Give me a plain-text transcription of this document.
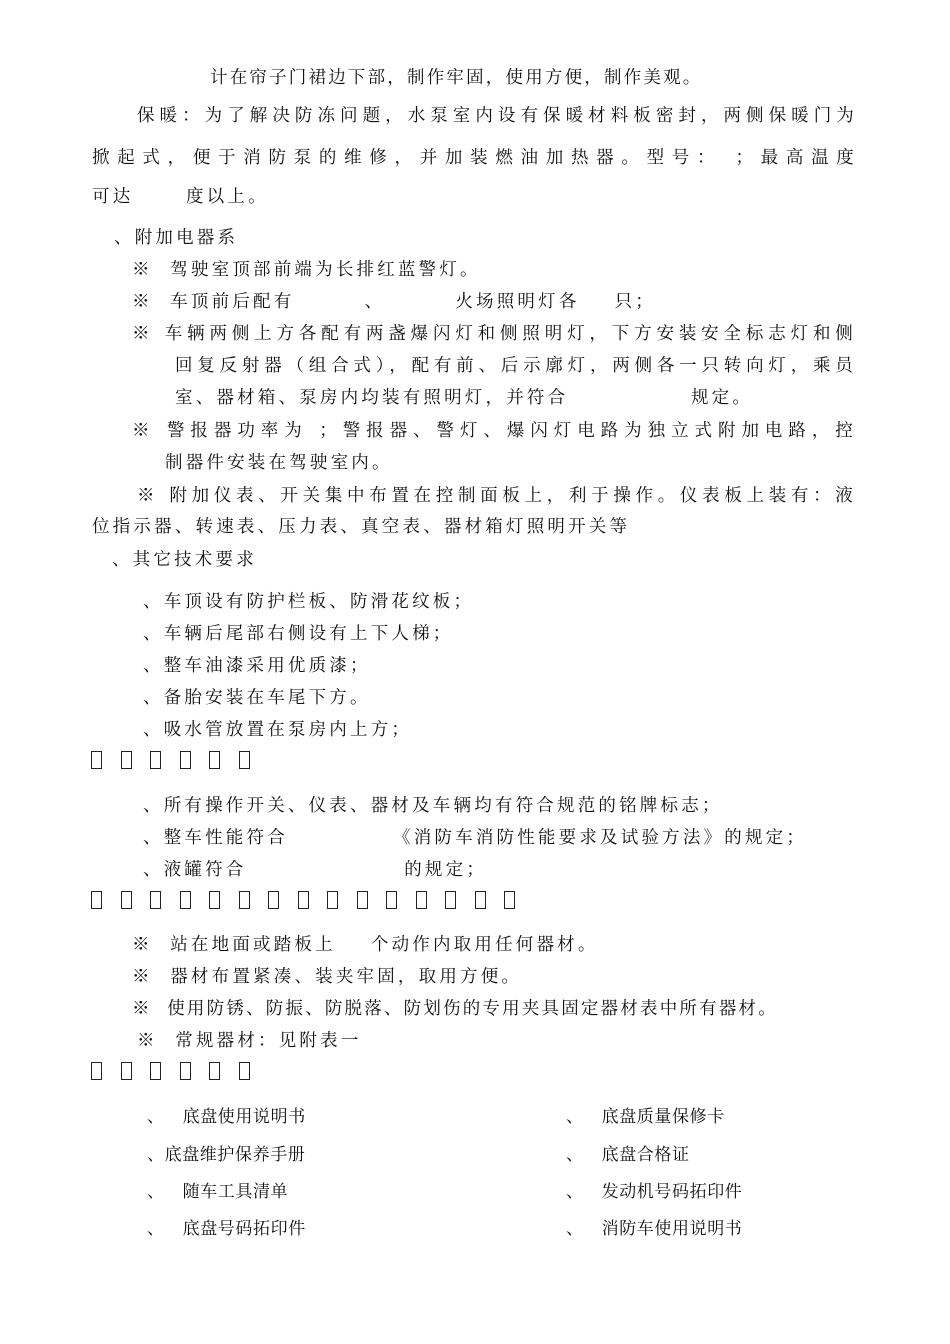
计在帘子门裙边下部，制作牢固，使用方便，制作美观。
保暖：为了解决防冻问题，水泵室内设有保暖材料板密封，两侧保暖门为
掀起式，便于消防泵的维修，并加装燃油加热器。型号： ；最高温度
可达      度以上。
、附加电器系
※  驾驶室顶部前端为长排红蓝警灯。
※  车顶前后配有        、        火场照明灯各    只；
※ 车辆两侧上方各配有两盏爆闪灯和侧照明灯，下方安装安全标志灯和侧
回复反射器（组合式），配有前、后示廓灯，两侧各一只转向灯，乘员
室、器材箱、泵房内均装有照明灯，并符合              规定。
※ 警报器功率为 ；警报器、警灯、爆闪灯电路为独立式附加电路，控
制器件安装在驾驶室内。
※ 附加仪表、开关集中布置在控制面板上，利于操作。仪表板上装有：液
位指示器、转速表、压力表、真空表、器材箱灯照明开关等
、其它技术要求
、车顶设有防护栏板、防滑花纹板；
、车辆后尾部右侧设有上下人梯；
、整车油漆采用优质漆；
、备胎安装在车尾下方。
、吸水管放置在泵房内上方；
、所有操作开关、仪表、器材及车辆均有符合规范的铭牌标志；
、整车性能符合            《消防车消防性能要求及试验方法》的规定；
、液罐符合                  的规定；
※  站在地面或踏板上    个动作内取用任何器材。
※  器材布置紧凑、装夹牢固，取用方便。
※  使用防锈、防振、防脱落、防划伤的专用夹具固定器材表中所有器材。
※  常规器材：见附表一
、   底盘使用说明书	、   底盘质量保修卡
、底盘维护保养手册	、   底盘合格证
、   随车工具清单	、   发动机号码拓印件
、   底盘号码拓印件	、   消防车使用说明书
